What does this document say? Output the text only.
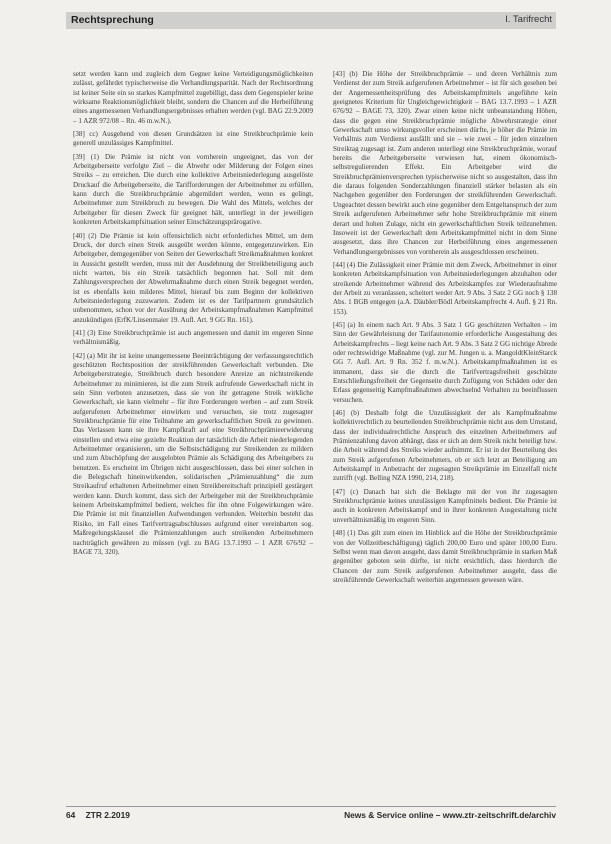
Rechtsprechung	I. Tarifrecht

setzt werden kann und zugleich dem Gegner keine Verteidigungsmöglichkeiten zulässt, gefährdet typischerweise die Verhandlungsparität. Nach der Rechtsordnung ist keiner Seite ein so starkes Kampfmittel zugebilligt, dass dem Gegenspieler keine wirksame Reaktionsmöglichkeit bleibt, sondern die Chancen auf die Herbeiführung eines angemessenen Verhandlungsergebnisses erhalten werden (vgl. BAG 22.9.2009 – 1 AZR 972/08 – Rn. 46 m.w.N.).

[38] cc) Ausgehend von diesen Grundsätzen ist eine Streikbruchprämie kein generell unzulässiges Kampfmittel.

[39] (1) Die Prämie ist nicht von vornherein ungeeignet, das von der Arbeitgeberseite verfolgte Ziel – die Abwehr oder Milderung der Folgen eines Streiks – zu erreichen. Die durch eine kollektive Arbeitsniederlegung ausgelöste Druckauf die Arbeitgeberseite, die Tarifforderungen der Arbeitnehmer zu erfüllen, kann durch die Streikbruchprämie abgemildert werden, wenn es gelingt, Arbeitnehmer zum Streikbruch zu bewegen. Die Wahl des Mittels, welches der Arbeitgeber für diesen Zweck für geeignet hält, unterliegt in der jeweiligen konkreten Arbeitskampfsituation seiner Einschätzungsprärogative.

[40] (2) Die Prämie ist kein offensichtlich nicht erforderliches Mittel, um dem Druck, der durch einen Streik ausgeübt werden könnte, entgegenzuwirken. Ein Arbeitgeber, demgegenüber von Seiten der Gewerkschaft Streikmaßnahmen konkret in Aussicht gestellt werden, muss mit der Ausdehnung der Streikbeteiligung auch nicht warten, bis ein Streik tatsächlich begonnen hat. Soll mit dem Zahlungsversprechen der Abwehrmaßnahme durch einen Streik begegnet werden, ist es ebenfalls kein milderes Mittel, hierauf bis zum Beginn der kollektiven Arbeitsniederlegung zuzuwarten. Zudem ist es der Tarifpartnern grundsätzlich unbenommen, schon vor der Ausübung der Arbeitskampfmaßnahmen Kampfmittel anzukündigen (ErfK/Linsenmaier 19. Aufl. Art. 9 GG Rn. 161).

[41] (3) Eine Streikbruchprämie ist auch angemessen und damit im engeren Sinne verhältnismäßig.

[42] (a) Mit ihr ist keine unangemessene Beeinträchtigung der verfassungsrechtlich geschützten Rechtsposition der streikführenden Gewerkschaft verbunden. Die Arbeitgeberstrategie, Streikbruch durch besondere Anreize an nichtstreikende Arbeitnehmer zu minimieren, ist die zum Streik aufrufende Gewerkschaft nicht in sein Sinn verboten anzusetzen, dass sie von ihr getragene Streik wirkliche Gewerkschaft, sie kann vielmehr – für ihre Forderungen werben – auf zum Streik aufgerufenen Arbeitnehmer einwirken und versuchen, sie trotz zugesagter Streikbruchprämie für eine Teilnahme am gewerkschaftlichen Streik zu gewinnen. Das Verlassen kann sie ihre Kampfkraft auf eine Streikbruchprämieerwiderung einstellen und etwa eine gezielte Reaktion der tatsächlich die Arbeit niederlegenden Arbeitnehmer organisieren, um die Selbstschädigung zur Streikenden zu mildern und zum Abschöpfung der ausgelobten Prämie als Schädigung des Arbeitgebers zu benutzen. Es erscheint im Übrigen nicht ausgeschlossen, dass bei einer solchen in die Belegschaft hineinwirkenden, solidarischen „Prämienzahlung“ die zum Streikaufruf erhaltenen Arbeitnehmer einen Streikbereitschaft prinzipiell gestärgert werden kann. Durch kommt, dass sich der Arbeitgeber mit der Streikbruchprämie keinem Arbeitskampfmittel bedient, welches für ihn ohne Folgewirkungen wäre. Die Prämie ist mit finanziellen Aufwendungen verbunden. Weiterhin besteht das Risiko, im Fall eines Tarifvertragsabschlusses aufgrund einer vereinbarten sog. Maßregelungsklausel die Prämienzahlungen auch streikenden Arbeitnehmern nachträglich gewähren zu müssen (vgl. zu BAG 13.7.1993 – 1 AZR 676/92 – BAGE 73, 320).

[43] (b) Die Höhe der Streikbruchprämie – und deren Verhältnis zum Verdienst der zum Streik aufgerufenen Arbeitnehmer – ist für sich gesehen bei der Angemessenheitsprüfung des Arbeitskampfmittels angeführte kein geeignetes Kriterium für Ungleichgewichtigkeit – BAG 13.7.1993 – 1 AZR 676/92 – BAGE 73, 320). Zwar einen keine nicht unbeanstandung Höhen, dass die gegen eine Streikbruchprämie mögliche Abwehrstrategie einer Gewerkschaft umso wirkungsvoller erscheinen dürfte, je höher die Prämie im Verhältnis zum Verdienst ausfällt und sie – wie zwei – für jeden einzelnen Streiktag zugesagt ist. Zum anderen unterliegt eine Streikbruchprämie, worauf bereits die Arbeitgeberseite verwiesen hat, einem ökonomisch-selbstregulierenden Effekt. Ein Arbeitgeber wird die Streikbruchprämienversprechen typischerweise nicht so ausgestalten, dass ihn die daraus folgenden Sonderzahlungen finanziell stärker belasten als ein Nachgeben gegenüber den Forderungen der streikführenden Gewerkschaft. Ungeachtet dessen bewirkt auch eine gegenüber dem Entgeltanspruch der zum Streik aufgerufenen Arbeitnehmer sehr hohe Streikbruchprämie mit einem derart und hohen Zulage, nicht ein gewerkschaftlichen Streik teilzunehmen. Insoweit ist der Gewerkschaft dem Arbeitskampfmittel nicht in dem Sinne ausgesetzt, dass ihre Chancen zur Herbeiführung eines angemessenen Verhandlungsergebnisses von vornherein als ausgeschlossen erscheinen.

[44] (4) Die Zulässigkeit einer Prämie mit dem Zweck, Arbeitnehmer in einer konkreten Arbeitskampfsituation von Arbeitsniederlegungen abzuhalten oder streikende Arbeitnehmer während des Arbeitskampfes zur Wiederaufnahme der Arbeit zu veranlassen, scheitert weder Art. 9 Abs. 3 Satz 2 GG noch § 138 Abs. 1 BGB entgegen (a.A. Däubler/Bödl Arbeitskampfrecht 4. Aufl. § 21 Rn. 153).

[45] (a) In einem nach Art. 9 Abs. 3 Satz 1 GG geschützten Verhalten – im Sinn der Gewährleistung der Tarifautonomie erforderliche Ausgestaltung des Arbeitskampfrechts – liegt keine nach Art. 9 Abs. 3 Satz 2 GG nichtige Abrede oder rechtswidrige Maßnahme (vgl. zur M. Jungen u. a. MangoldtKleinStarck GG 7. Aufl. Art. 9 Rn. 352 f. m.w.N.). Arbeitskampfmaßnahmen ist es immanent, dass sie die durch die Tarifvertragsfreiheit geschützte Entschließungsfreiheit der Gegenseite durch Zufügung von Schäden oder den Erlass gegenseitig Kampfmaßnahmen abwechselnd Verhalten zu beeinflussen versuchen.

[46] (b) Deshalb folgt die Unzulässigkeit der als Kampfmaßnahme kollektivrechtlich zu beurteilenden Streikbruchprämie nicht aus dem Umstand, dass der individualrechtliche Anspruch des einzelnen Arbeitnehmers auf Prämienzahlung davon abhängt, dass er sich an dem Streik nicht beteiligt bzw. die Arbeit während des Streiks wieder aufnimmt. Er ist in der Beurteilung des zum Streik aufgerufenen Arbeitnehmers, ob er sich letzt an Beteiligung am Arbeitskampf in Anbetracht der zugesagten Streikprämie im Einzelfall nicht zutrifft (vgl. Belling NZA 1990, 214, 218).

[47] (c) Danach hat sich die Beklagte mit der von ihr zugesagten Streikbruchprämie keines unzulässigen Kampfmittels bedient. Die Prämie ist auch in konkreten Arbeitskampf und in ihrer konkreten Ausgestaltung nicht unverhältnismäßig im engeren Sinn.

[48] (1) Das gilt zum einen im Hinblick auf die Höhe der Streikbruchprämie von der Vollzeitbeschäftigung) täglich 200,00 Euro und später 100,00 Euro. Selbst wenn man davon ausgeht, dass damit Streikbruchprämie in starken Maß gegenüber geboten sein dürfte, ist nicht ersichtlich, dass hierdurch die Chancen der zum Streik aufgerufenen Arbeitnehmer ausgeht, dass die streikführende Gewerkschaft weiterhin angemessen gewesen wäre.

64 ZTR 2.2019	News & Service online – www.ztr-zeitschrift.de/archiv
